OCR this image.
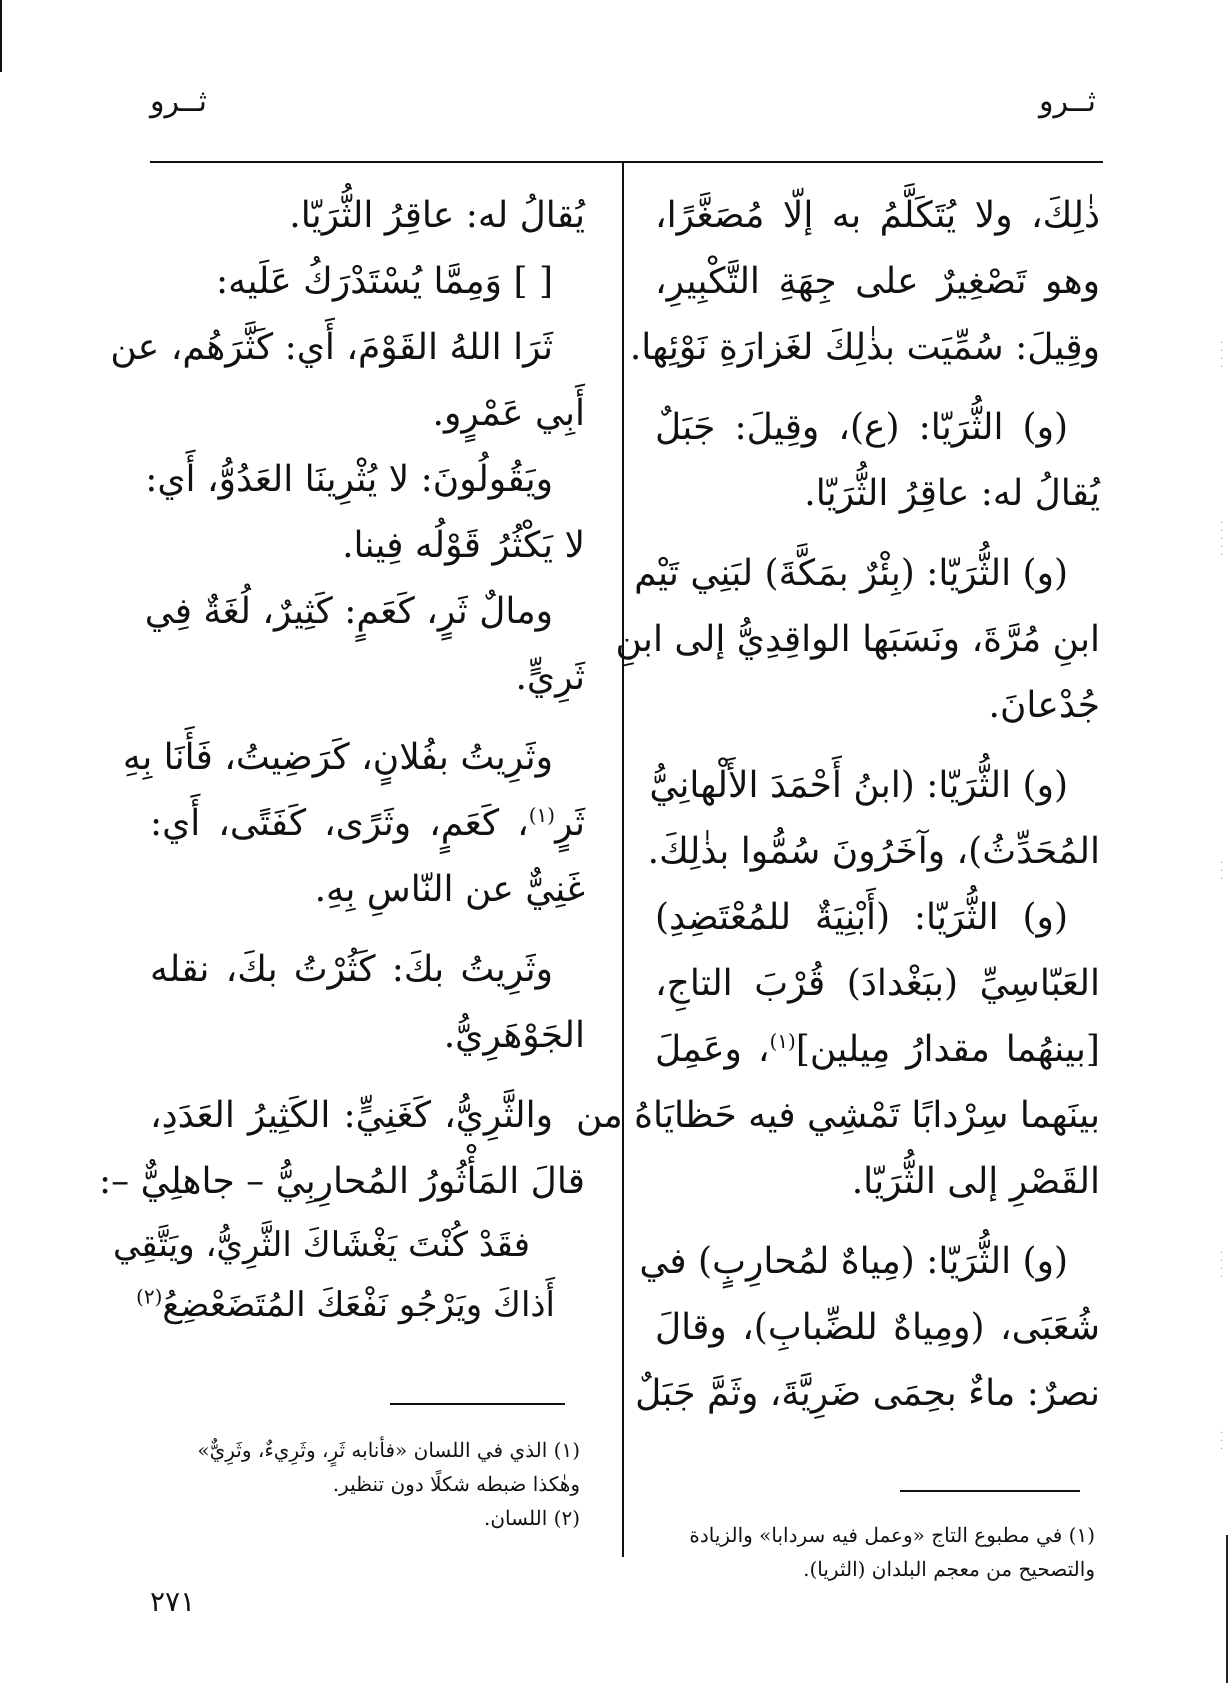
ثــرو	ثــرو
ذٰلِكَ، ولا يُتَكَلَّمُ به إلّا مُصَغَّرًا،
وهو تَصْغِيرٌ على جِهَةِ التَّكْبِيرِ،
وقِيلَ: سُمِّيَت بذٰلِكَ لغَزارَةِ نَوْئِها.
(و) الثُّرَيّا: (ع)، وقِيلَ: جَبَلٌ
يُقالُ له: عاقِرُ الثُّرَيّا.
(و) الثُّرَيّا: (بِئْرٌ بمَكَّةَ) لبَنِي تَيْم
ابنِ مُرَّةَ، ونَسَبَها الواقِدِيُّ إلى ابنِ
جُدْعانَ.
(و) الثُّرَيّا: (ابنُ أَحْمَدَ الأَلْهانِيُّ
المُحَدِّثُ)، وآخَرُونَ سُمُّوا بذٰلِكَ.
(و) الثُّرَيّا: (أَبْنِيَةٌ للمُعْتَضِدِ)
العَبّاسِيِّ (ببَغْدادَ) قُرْبَ التاجِ،
[بينهُما مقدارُ مِيلين]$^{(١)}$، وعَمِلَ
بينَهما سِرْدابًا تَمْشِي فيه حَظايَاهُ من
القَصْرِ إلى الثُّرَيّا.
(و) الثُّرَيّا: (مِياهٌ لمُحارِبٍ) في
شُعَبَى، (ومِياهٌ للضِّبابِ)، وقالَ
نصرٌ: ماءٌ بحِمَى ضَرِيَّةَ، وثَمَّ جَبَلٌ
يُقالُ له: عاقِرُ الثُّرَيّا.
[ ] وَمِمَّا يُسْتَدْرَكُ عَلَيه:
ثَرَا اللهُ القَوْمَ، أَي: كَثَّرَهُم، عن
أَبِي عَمْرٍو.
ويَقُولُونَ: لا يُثْرِينَا العَدُوُّ، أَي:
لا يَكْثُرُ قَوْلُه فِينا.
ومالٌ ثَرٍ، كَعَمٍ: كَثِيرٌ، لُغَةٌ فِي
ثَرِيٍّ.
وثَرِيتُ بفُلانٍ، كَرَضِيتُ، فَأَنَا بِهِ
ثَرٍ$^{(١)}$، كَعَمٍ، وثَرًى، كَفَتًى، أَي:
غَنِيٌّ عن النّاسِ بِهِ.
وثَرِيتُ بكَ: كَثُرْتُ بكَ، نقله
الجَوْهَرِيُّ.
والثَّرِيُّ، كَغَنِيٍّ: الكَثِيرُ العَدَدِ،
قالَ المَأْثُورُ المُحارِبِيُّ – جاهلِيٌّ –:
فقَدْ كُنْتَ يَغْشَاكَ الثَّرِيُّ، ويَتَّقِي
أَذاكَ ويَرْجُو نَفْعَكَ المُتَضَعْضِعُ$^{(٢)}$
(١) في مطبوع التاج «وعمل فيه سردابا» والزيادة والتصحيح من معجم البلدان (الثريا).
(١) الذي في اللسان «فأنابه ثَرٍ، وثَرِيءٌ، وثَرِيٌّ» وهٰكذا ضبطه شكلًا دون تنظير.
(٢) اللسان.
٢٧١
·
·
·
·
·
·
·
·
·
·
·
·
·
·
·
·
·
·
·
